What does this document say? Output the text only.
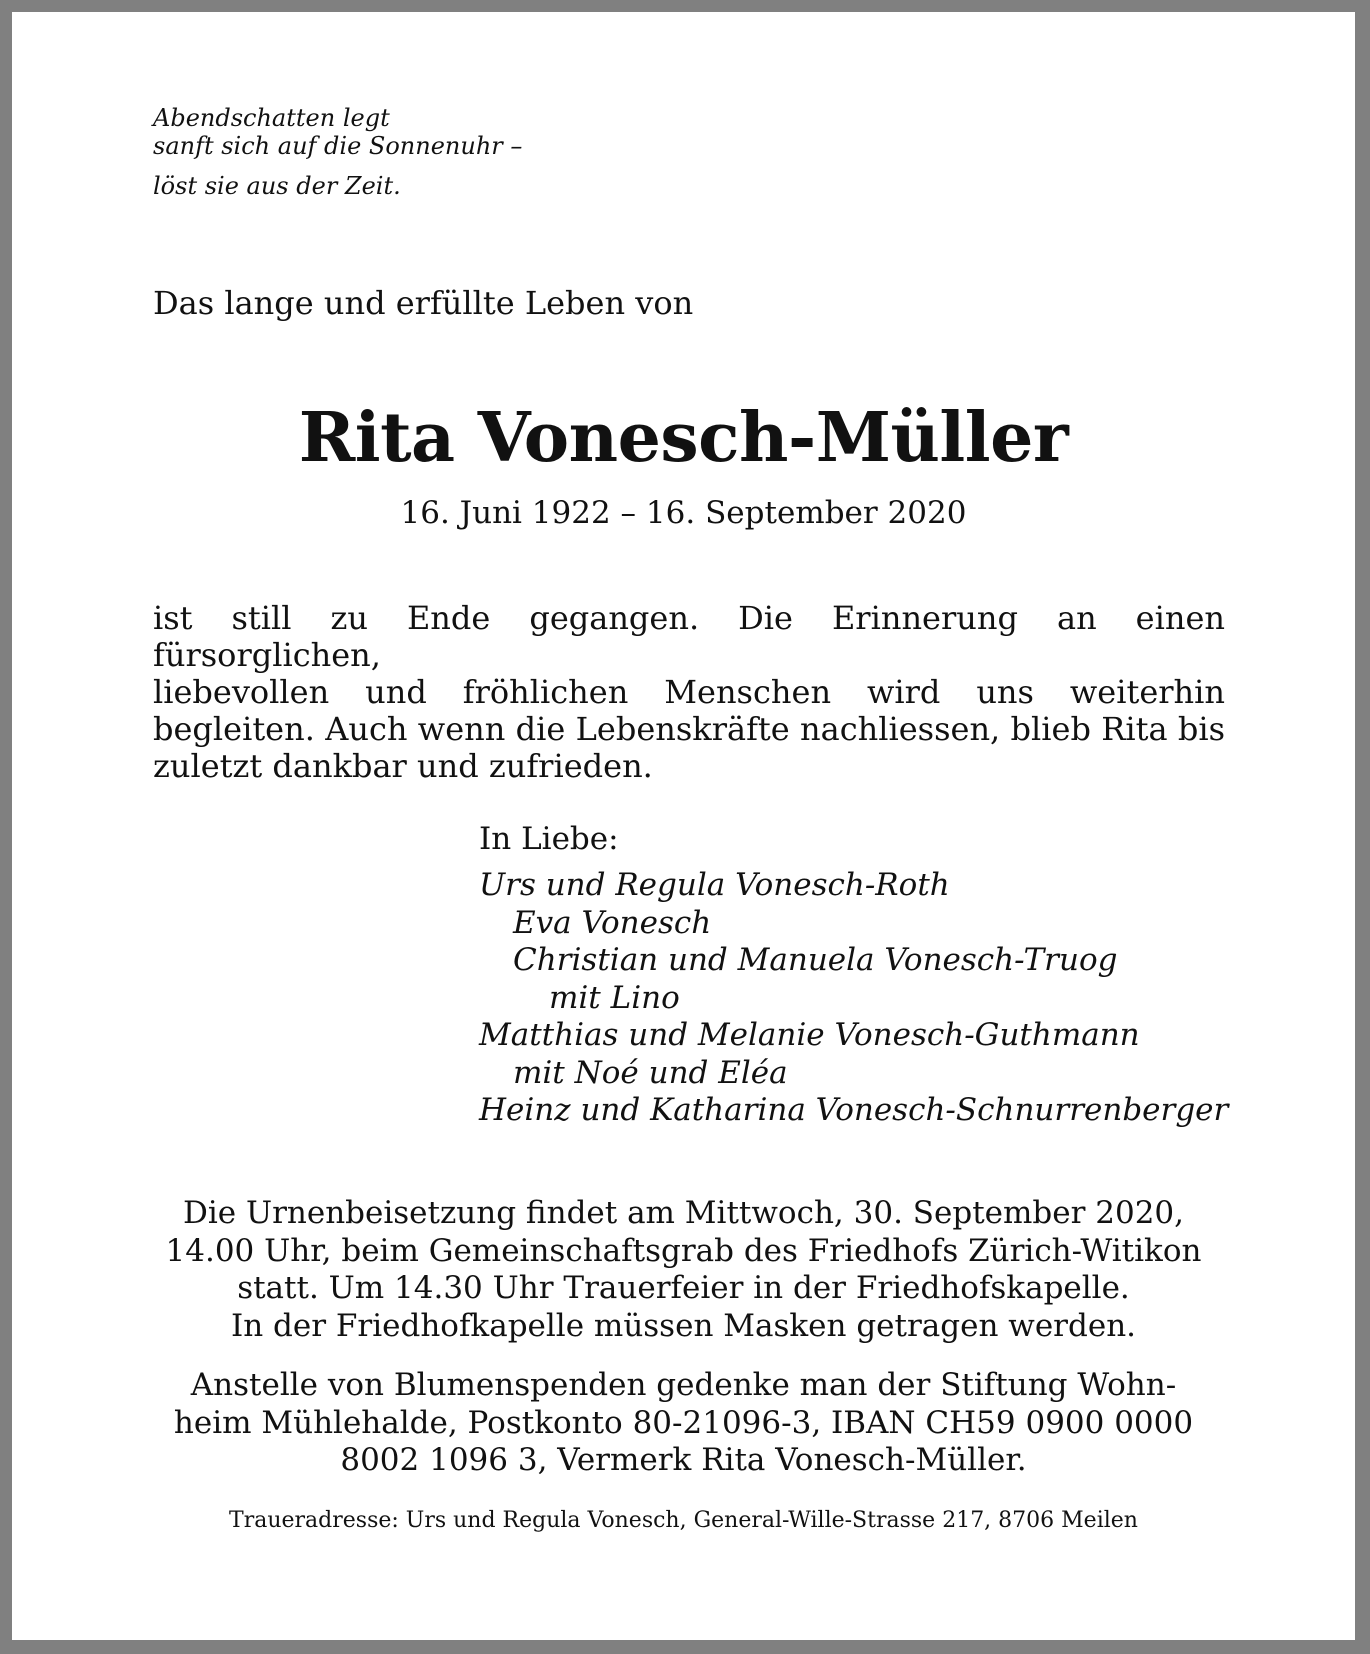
Abendschatten legt
sanft sich auf die Sonnenuhr –
löst sie aus der Zeit.

Das lange und erfüllte Leben von

Rita Vonesch-Müller

16. Juni 1922 – 16. September 2020

ist still zu Ende gegangen. Die Erinnerung an einen fürsorglichen,
liebevollen und fröhlichen Menschen wird uns weiterhin
begleiten. Auch wenn die Lebenskräfte nachliessen, blieb Rita bis
zuletzt dankbar und zufrieden.

In Liebe:

Urs und Regula Vonesch-Roth
Eva Vonesch
Christian und Manuela Vonesch-Truog
mit Lino
Matthias und Melanie Vonesch-Guthmann
mit Noé und Eléa
Heinz und Katharina Vonesch-Schnurrenberger
Die Urnenbeisetzung findet am Mittwoch, 30. September 2020,
14.00 Uhr, beim Gemeinschaftsgrab des Friedhofs Zürich-Witikon
statt. Um 14.30 Uhr Trauerfeier in der Friedhofskapelle.
In der Friedhofkapelle müssen Masken getragen werden.
Anstelle von Blumenspenden gedenke man der Stiftung Wohn-
heim Mühlehalde, Postkonto 80-21096-3, IBAN CH59 0900 0000
8002 1096 3, Vermerk Rita Vonesch-Müller.

Traueradresse: Urs und Regula Vonesch, General-Wille-Strasse 217, 8706 Meilen
